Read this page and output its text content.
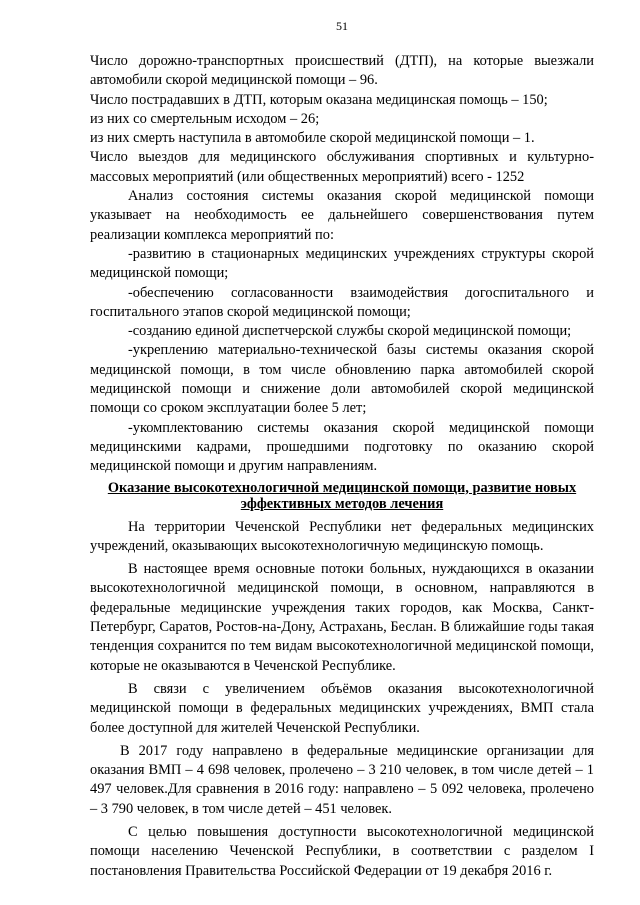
51

Число дорожно-транспортных происшествий (ДТП), на которые выезжали автомобили скорой медицинской помощи – 96.

Число пострадавших в ДТП, которым оказана медицинская помощь – 150;

из них со смертельным исходом – 26;

из них смерть наступила в автомобиле скорой медицинской помощи – 1.

Число выездов для медицинского обслуживания спортивных и культурно-массовых мероприятий (или общественных мероприятий) всего - 1252

Анализ состояния системы оказания скорой медицинской помощи указывает на необходимость ее дальнейшего совершенствования путем реализации комплекса мероприятий по:

-развитию в стационарных медицинских учреждениях структуры скорой медицинской помощи;

-обеспечению согласованности взаимодействия догоспитального и госпитального этапов скорой медицинской помощи;

-созданию единой диспетчерской службы скорой медицинской помощи;

-укреплению материально-технической базы системы оказания скорой медицинской помощи, в том числе обновлению парка автомобилей скорой медицинской помощи и снижение доли автомобилей скорой медицинской помощи со сроком эксплуатации более 5 лет;

-укомплектованию системы оказания скорой медицинской помощи медицинскими кадрами, прошедшими подготовку по оказанию скорой медицинской помощи и другим направлениям.

Оказание высокотехнологичной медицинской помощи, развитие новых
эффективных методов лечения

На территории Чеченской Республики нет федеральных медицинских учреждений, оказывающих высокотехнологичную медицинскую помощь.

В настоящее время основные потоки больных, нуждающихся в оказании высокотехнологичной медицинской помощи, в основном, направляются в федеральные медицинские учреждения таких городов, как Москва, Санкт-Петербург, Саратов, Ростов-на-Дону, Астрахань, Беслан. В ближайшие годы такая тенденция сохранится по тем видам высокотехнологичной медицинской помощи, которые не оказываются в Чеченской Республике.

В связи с увеличением объёмов оказания высокотехнологичной медицинской помощи в федеральных медицинских учреждениях, ВМП стала более доступной для жителей Чеченской Республики.

В 2017 году направлено в федеральные медицинские организации для оказания ВМП – 4 698 человек, пролечено – 3 210 человек, в том числе детей – 1 497 человек.Для сравнения в 2016 году: направлено – 5 092 человека, пролечено – 3 790 человек, в том числе детей – 451 человек.

С целью повышения доступности высокотехнологичной медицинской помощи населению Чеченской Республики, в соответствии с разделом I постановления Правительства Российской Федерации от 19 декабря 2016 г.
